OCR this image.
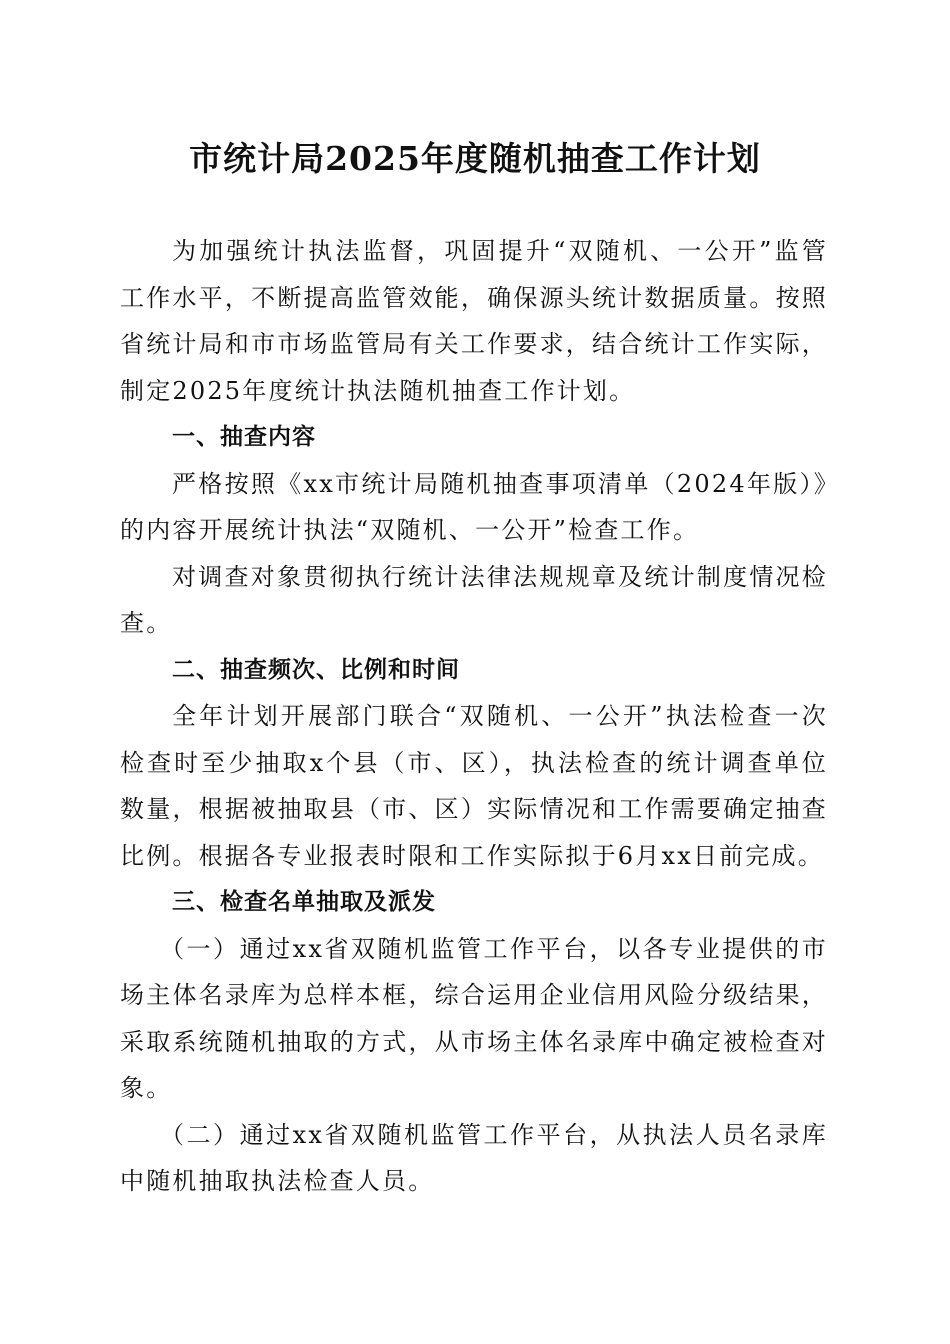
市统计局2025年度随机抽查工作计划

为加强统计执法监督，巩固提升“双随机、一公开”监管工作水平，不断提高监管效能，确保源头统计数据质量。按照省统计局和市市场监管局有关工作要求，结合统计工作实际，制定2025年度统计执法随机抽查工作计划。

一、抽查内容

严格按照《xx市统计局随机抽查事项清单（2024年版）》的内容开展统计执法“双随机、一公开”检查工作。

对调查对象贯彻执行统计法律法规规章及统计制度情况检查。

二、抽查频次、比例和时间

全年计划开展部门联合“双随机、一公开”执法检查一次检查时至少抽取x个县（市、区），执法检查的统计调查单位数量，根据被抽取县（市、区）实际情况和工作需要确定抽查比例。根据各专业报表时限和工作实际拟于6月xx日前完成。

三、检查名单抽取及派发

（一）通过xx省双随机监管工作平台，以各专业提供的市场主体名录库为总样本框，综合运用企业信用风险分级结果，采取系统随机抽取的方式，从市场主体名录库中确定被检查对象。

（二）通过xx省双随机监管工作平台，从执法人员名录库中随机抽取执法检查人员。
